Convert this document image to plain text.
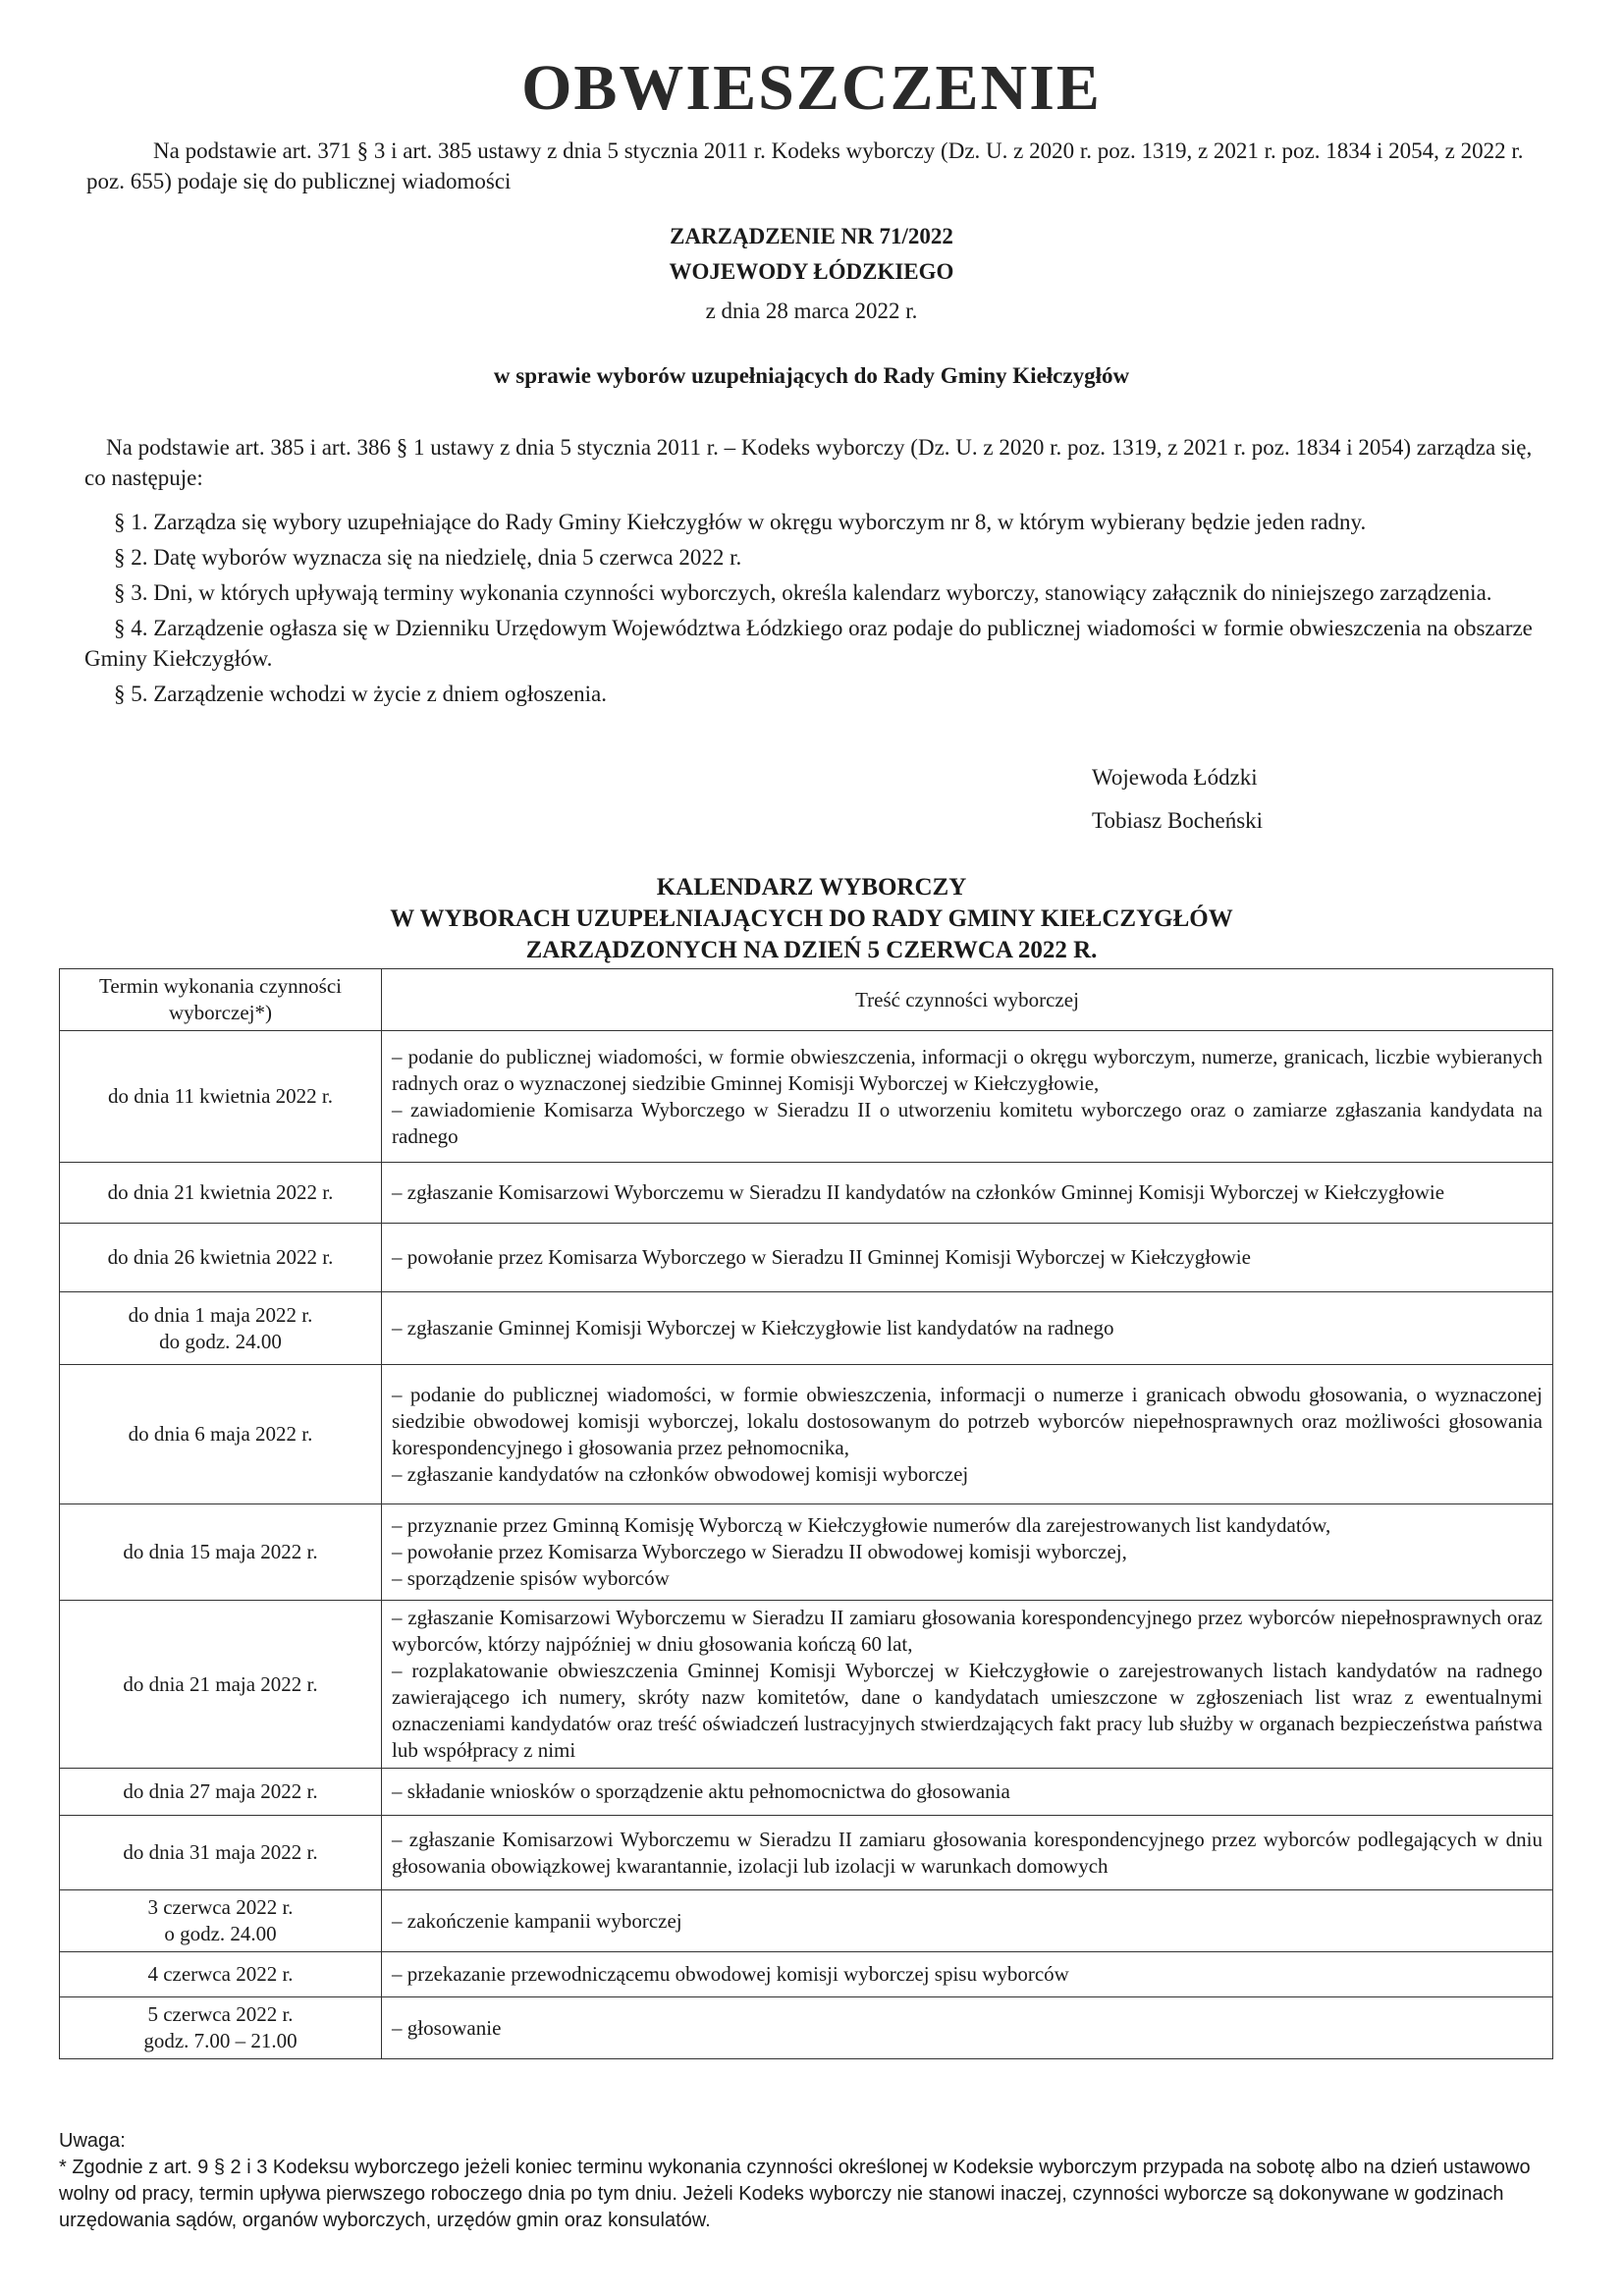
OBWIESZCZENIE
Na podstawie art. 371 § 3 i art. 385 ustawy z dnia 5 stycznia 2011 r. Kodeks wyborczy (Dz. U. z 2020 r. poz. 1319, z 2021 r. poz. 1834 i 2054, z 2022 r. poz. 655) podaje się do publicznej wiadomości
ZARZĄDZENIE NR 71/2022
WOJEWODY ŁÓDZKIEGO
z dnia 28 marca 2022 r.
w sprawie wyborów uzupełniających do Rady Gminy Kiełczygłów
Na podstawie art. 385 i art. 386 § 1 ustawy z dnia 5 stycznia 2011 r. – Kodeks wyborczy (Dz. U. z 2020 r. poz. 1319, z 2021 r. poz. 1834 i 2054) zarządza się, co następuje:

§ 1. Zarządza się wybory uzupełniające do Rady Gminy Kiełczygłów w okręgu wyborczym nr 8, w którym wybierany będzie jeden radny.

§ 2. Datę wyborów wyznacza się na niedzielę, dnia 5 czerwca 2022 r.

§ 3. Dni, w których upływają terminy wykonania czynności wyborczych, określa kalendarz wyborczy, stanowiący załącznik do niniejszego zarządzenia.

§ 4. Zarządzenie ogłasza się w Dzienniku Urzędowym Województwa Łódzkiego oraz podaje do publicznej wiadomości w formie obwieszczenia na obszarze Gminy Kiełczygłów.

§ 5. Zarządzenie wchodzi w życie z dniem ogłoszenia.

Wojewoda Łódzki
Tobiasz Bocheński
KALENDARZ WYBORCZY
W WYBORACH UZUPEŁNIAJĄCYCH DO RADY GMINY KIEŁCZYGŁÓW
ZARZĄDZONYCH NA DZIEŃ 5 CZERWCA 2022 R.
Termin wykonania czynności wyborczej*)	Treść czynności wyborczej

do dnia 11 kwietnia 2022 r.	– podanie do publicznej wiadomości, w formie obwieszczenia, informacji o okręgu wyborczym, numerze, granicach, liczbie wybieranych radnych oraz o wyznaczonej siedzibie Gminnej Komisji Wyborczej w Kiełczygłowie,
– zawiadomienie Komisarza Wyborczego w Sieradzu II o utworzeniu komitetu wyborczego oraz o zamiarze zgłaszania kandydata na radnego

do dnia 21 kwietnia 2022 r.	– zgłaszanie Komisarzowi Wyborczemu w Sieradzu II kandydatów na członków Gminnej Komisji Wyborczej w Kiełczygłowie

do dnia 26 kwietnia 2022 r.	– powołanie przez Komisarza Wyborczego w Sieradzu II Gminnej Komisji Wyborczej w Kiełczygłowie

do dnia 1 maja 2022 r.
do godz. 24.00	– zgłaszanie Gminnej Komisji Wyborczej w Kiełczygłowie list kandydatów na radnego

do dnia 6 maja 2022 r.	– podanie do publicznej wiadomości, w formie obwieszczenia, informacji o numerze i granicach obwodu głosowania, o wyznaczonej siedzibie obwodowej komisji wyborczej, lokalu dostosowanym do potrzeb wyborców niepełnosprawnych oraz możliwości głosowania korespondencyjnego i głosowania przez pełnomocnika,
– zgłaszanie kandydatów na członków obwodowej komisji wyborczej

do dnia 15 maja 2022 r.	– przyznanie przez Gminną Komisję Wyborczą w Kiełczygłowie numerów dla zarejestrowanych list kandydatów,
– powołanie przez Komisarza Wyborczego w Sieradzu II obwodowej komisji wyborczej,
– sporządzenie spisów wyborców

do dnia 21 maja 2022 r.	– zgłaszanie Komisarzowi Wyborczemu w Sieradzu II zamiaru głosowania korespondencyjnego przez wyborców niepełnosprawnych oraz wyborców, którzy najpóźniej w dniu głosowania kończą 60 lat,
– rozplakatowanie obwieszczenia Gminnej Komisji Wyborczej w Kiełczygłowie o zarejestrowanych listach kandydatów na radnego zawierającego ich numery, skróty nazw komitetów, dane o kandydatach umieszczone w zgłoszeniach list wraz z ewentualnymi oznaczeniami kandydatów oraz treść oświadczeń lustracyjnych stwierdzających fakt pracy lub służby w organach bezpieczeństwa państwa lub współpracy z nimi

do dnia 27 maja 2022 r.	– składanie wniosków o sporządzenie aktu pełnomocnictwa do głosowania

do dnia 31 maja 2022 r.	– zgłaszanie Komisarzowi Wyborczemu w Sieradzu II zamiaru głosowania korespondencyjnego przez wyborców podlegających w dniu głosowania obowiązkowej kwarantannie, izolacji lub izolacji w warunkach domowych

3 czerwca 2022 r.
o godz. 24.00	– zakończenie kampanii wyborczej

4 czerwca 2022 r.	– przekazanie przewodniczącemu obwodowej komisji wyborczej spisu wyborców

5 czerwca 2022 r.
godz. 7.00 – 21.00	– głosowanie
Uwaga:
* Zgodnie z art. 9 § 2 i 3 Kodeksu wyborczego jeżeli koniec terminu wykonania czynności określonej w Kodeksie wyborczym przypada na sobotę albo na dzień ustawowo wolny od pracy, termin upływa pierwszego roboczego dnia po tym dniu. Jeżeli Kodeks wyborczy nie stanowi inaczej, czynności wyborcze są dokonywane w godzinach urzędowania sądów, organów wyborczych, urzędów gmin oraz konsulatów.
